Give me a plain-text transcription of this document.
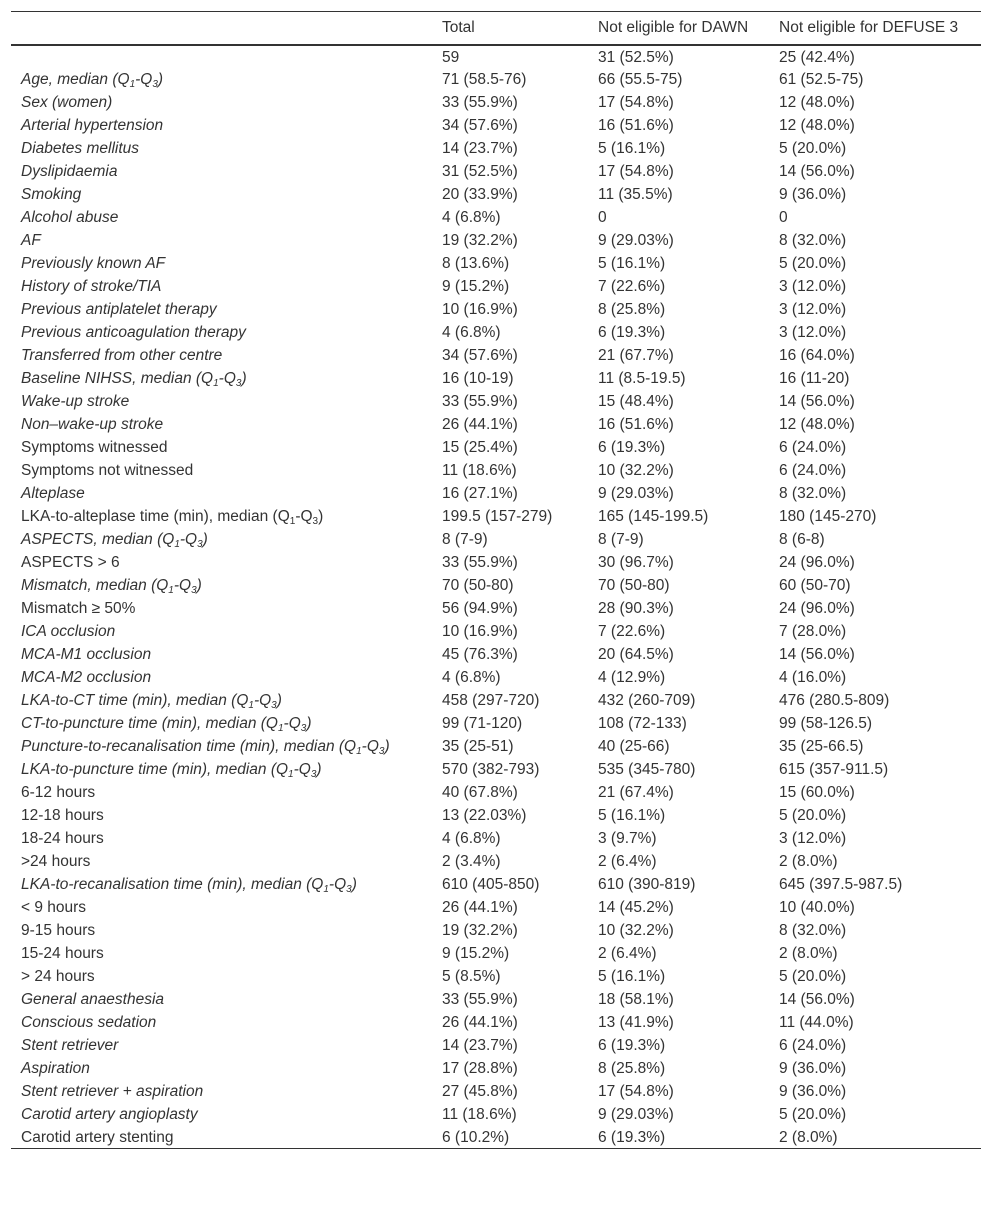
	Total	Not eligible for DAWN	Not eligible for DEFUSE 3
	59	31 (52.5%)	25 (42.4%)
Age, median $(Q_1-Q_3)$	71 (58.5-76)	66 (55.5-75)	61 (52.5-75)
Sex (women)	33 (55.9%)	17 (54.8%)	12 (48.0%)
Arterial hypertension	34 (57.6%)	16 (51.6%)	12 (48.0%)
Diabetes mellitus	14 (23.7%)	5 (16.1%)	5 (20.0%)
Dyslipidaemia	31 (52.5%)	17 (54.8%)	14 (56.0%)
Smoking	20 (33.9%)	11 (35.5%)	9 (36.0%)
Alcohol abuse	4 (6.8%)	0	0
AF	19 (32.2%)	9 (29.03%)	8 (32.0%)
Previously known AF	8 (13.6%)	5 (16.1%)	5 (20.0%)
History of stroke/TIA	9 (15.2%)	7 (22.6%)	3 (12.0%)
Previous antiplatelet therapy	10 (16.9%)	8 (25.8%)	3 (12.0%)
Previous anticoagulation therapy	4 (6.8%)	6 (19.3%)	3 (12.0%)
Transferred from other centre	34 (57.6%)	21 (67.7%)	16 (64.0%)
Baseline NIHSS, median $(Q_1-Q_3)$	16 (10-19)	11 (8.5-19.5)	16 (11-20)
Wake-up stroke	33 (55.9%)	15 (48.4%)	14 (56.0%)
Non–wake-up stroke	26 (44.1%)	16 (51.6%)	12 (48.0%)
Symptoms witnessed	15 (25.4%)	6 (19.3%)	6 (24.0%)
Symptoms not witnessed	11 (18.6%)	10 (32.2%)	6 (24.0%)
Alteplase	16 (27.1%)	9 (29.03%)	8 (32.0%)
LKA-to-alteplase time (min), median $(Q_1-Q_3)$	199.5 (157-279)	165 (145-199.5)	180 (145-270)
ASPECTS, median $(Q_1-Q_3)$	8 (7-9)	8 (7-9)	8 (6-8)
ASPECTS > 6	33 (55.9%)	30 (96.7%)	24 (96.0%)
Mismatch, median $(Q_1-Q_3)$	70 (50-80)	70 (50-80)	60 (50-70)
Mismatch ≥ 50%	56 (94.9%)	28 (90.3%)	24 (96.0%)
ICA occlusion	10 (16.9%)	7 (22.6%)	7 (28.0%)
MCA-M1 occlusion	45 (76.3%)	20 (64.5%)	14 (56.0%)
MCA-M2 occlusion	4 (6.8%)	4 (12.9%)	4 (16.0%)
LKA-to-CT time (min), median $(Q_1-Q_3)$	458 (297-720)	432 (260-709)	476 (280.5-809)
CT-to-puncture time (min), median $(Q_1-Q_3)$	99 (71-120)	108 (72-133)	99 (58-126.5)
Puncture-to-recanalisation time (min), median $(Q_1-Q_3)$	35 (25-51)	40 (25-66)	35 (25-66.5)
LKA-to-puncture time (min), median $(Q_1-Q_3)$	570 (382-793)	535 (345-780)	615 (357-911.5)
6-12 hours	40 (67.8%)	21 (67.4%)	15 (60.0%)
12-18 hours	13 (22.03%)	5 (16.1%)	5 (20.0%)
18-24 hours	4 (6.8%)	3 (9.7%)	3 (12.0%)
>24 hours	2 (3.4%)	2 (6.4%)	2 (8.0%)
LKA-to-recanalisation time (min), median $(Q_1-Q_3)$	610 (405-850)	610 (390-819)	645 (397.5-987.5)
< 9 hours	26 (44.1%)	14 (45.2%)	10 (40.0%)
9-15 hours	19 (32.2%)	10 (32.2%)	8 (32.0%)
15-24 hours	9 (15.2%)	2 (6.4%)	2 (8.0%)
> 24 hours	5 (8.5%)	5 (16.1%)	5 (20.0%)
General anaesthesia	33 (55.9%)	18 (58.1%)	14 (56.0%)
Conscious sedation	26 (44.1%)	13 (41.9%)	11 (44.0%)
Stent retriever	14 (23.7%)	6 (19.3%)	6 (24.0%)
Aspiration	17 (28.8%)	8 (25.8%)	9 (36.0%)
Stent retriever + aspiration	27 (45.8%)	17 (54.8%)	9 (36.0%)
Carotid artery angioplasty	11 (18.6%)	9 (29.03%)	5 (20.0%)
Carotid artery stenting	6 (10.2%)	6 (19.3%)	2 (8.0%)
